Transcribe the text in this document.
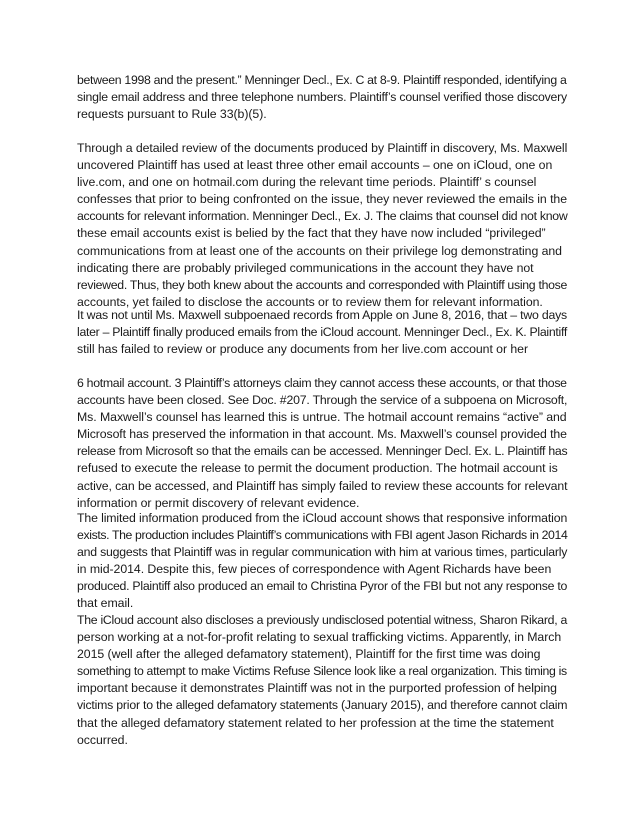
between 1998 and the present.” Menninger Decl., Ex. C at 8-9. Plaintiff responded, identifying a
single email address and three telephone numbers. Plaintiff’s counsel verified those discovery
requests pursuant to Rule 33(b)(5).
Through a detailed review of the documents produced by Plaintiff in discovery, Ms. Maxwell
uncovered Plaintiff has used at least three other email accounts – one on iCloud, one on
live.com, and one on hotmail.com during the relevant time periods. Plaintiff’ s counsel
confesses that prior to being confronted on the issue, they never reviewed the emails in the
accounts for relevant information. Menninger Decl., Ex. J. The claims that counsel did not know
these email accounts exist is belied by the fact that they have now included “privileged”
communications from at least one of the accounts on their privilege log demonstrating and
indicating there are probably privileged communications in the account they have not
reviewed. Thus, they both knew about the accounts and corresponded with Plaintiff using those
accounts, yet failed to disclose the accounts or to review them for relevant information.
It was not until Ms. Maxwell subpoenaed records from Apple on June 8, 2016, that – two days
later – Plaintiff finally produced emails from the iCloud account. Menninger Decl., Ex. K. Plaintiff
still has failed to review or produce any documents from her live.com account or her
6 hotmail account. 3 Plaintiff’s attorneys claim they cannot access these accounts, or that those
accounts have been closed. See Doc. #207. Through the service of a subpoena on Microsoft,
Ms. Maxwell’s counsel has learned this is untrue. The hotmail account remains “active” and
Microsoft has preserved the information in that account. Ms. Maxwell’s counsel provided the
release from Microsoft so that the emails can be accessed. Menninger Decl. Ex. L. Plaintiff has
refused to execute the release to permit the document production. The hotmail account is
active, can be accessed, and Plaintiff has simply failed to review these accounts for relevant
information or permit discovery of relevant evidence.
The limited information produced from the iCloud account shows that responsive information
exists. The production includes Plaintiff’s communications with FBI agent Jason Richards in 2014
and suggests that Plaintiff was in regular communication with him at various times, particularly
in mid-2014. Despite this, few pieces of correspondence with Agent Richards have been
produced. Plaintiff also produced an email to Christina Pyror of the FBI but not any response to
that email.
The iCloud account also discloses a previously undisclosed potential witness, Sharon Rikard, a
person working at a not-for-profit relating to sexual trafficking victims. Apparently, in March
2015 (well after the alleged defamatory statement), Plaintiff for the first time was doing
something to attempt to make Victims Refuse Silence look like a real organization. This timing is
important because it demonstrates Plaintiff was not in the purported profession of helping
victims prior to the alleged defamatory statements (January 2015), and therefore cannot claim
that the alleged defamatory statement related to her profession at the time the statement
occurred.
